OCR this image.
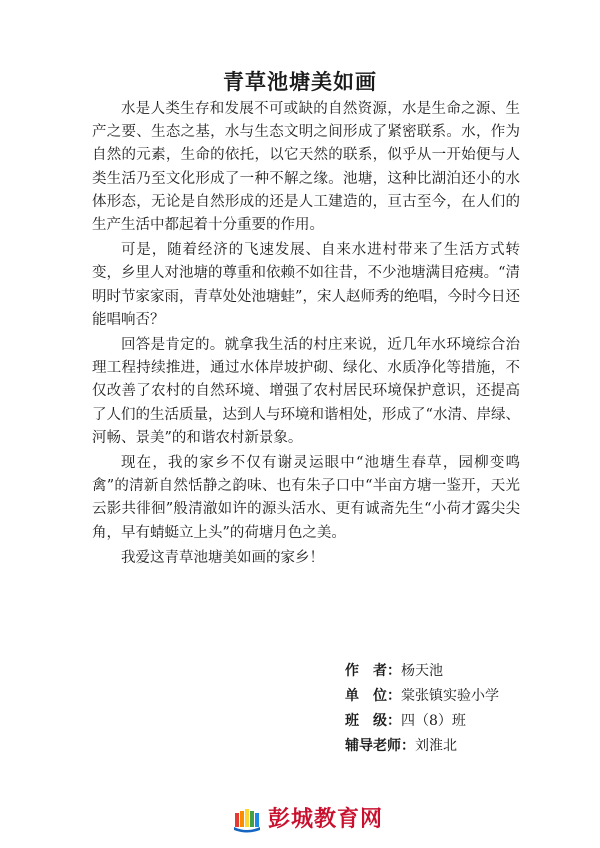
青草池塘美如画

水是人类生存和发展不可或缺的自然资源，水是生命之源、生产之要、生态之基，水与生态文明之间形成了紧密联系。水，作为自然的元素，生命的依托，以它天然的联系，似乎从一开始便与人类生活乃至文化形成了一种不解之缘。池塘，这种比湖泊还小的水体形态，无论是自然形成的还是人工建造的，亘古至今，在人们的生产生活中都起着十分重要的作用。

可是，随着经济的飞速发展、自来水进村带来了生活方式转变，乡里人对池塘的尊重和依赖不如往昔，不少池塘满目疮痍。“清明时节家家雨，青草处处池塘蛙”，宋人赵师秀的绝唱，今时今日还能唱响否？

回答是肯定的。就拿我生活的村庄来说，近几年水环境综合治理工程持续推进，通过水体岸坡护砌、绿化、水质净化等措施，不仅改善了农村的自然环境、增强了农村居民环境保护意识，还提高了人们的生活质量，达到人与环境和谐相处，形成了“水清、岸绿、河畅、景美”的和谐农村新景象。

现在，我的家乡不仅有谢灵运眼中“池塘生春草，园柳变鸣禽”的清新自然恬静之韵味、也有朱子口中“半亩方塘一鉴开，天光云影共徘徊”般清澈如许的源头活水、更有诚斋先生“小荷才露尖尖角，早有蜻蜓立上头”的荷塘月色之美。

我爱这青草池塘美如画的家乡！

作　者： 杨天池
单　位： 棠张镇实验小学
班　级： 四（8）班
辅导老师： 刘淮北
彭城教育网
